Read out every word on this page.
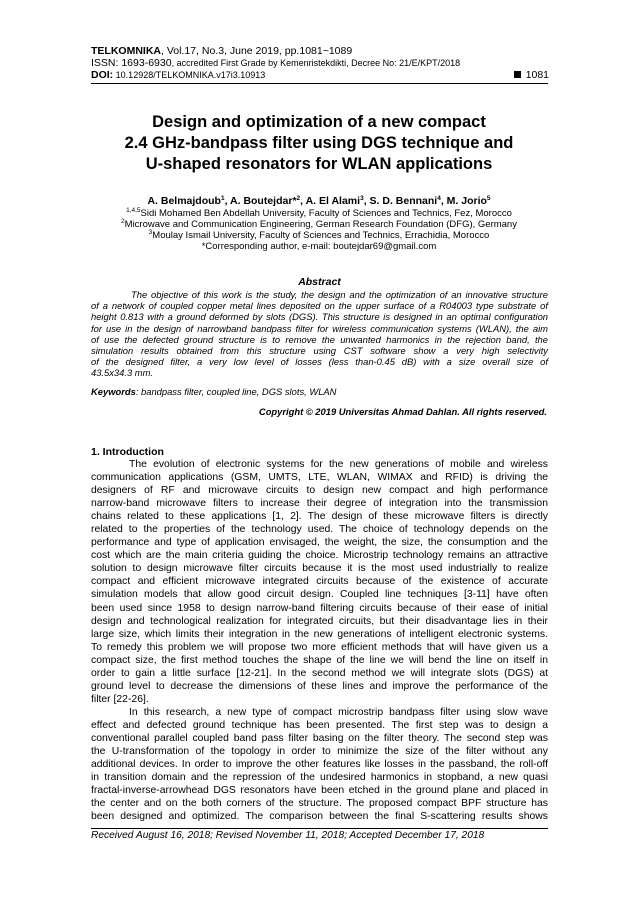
TELKOMNIKA, Vol.17, No.3, June 2019, pp.1081~1089
ISSN: 1693-6930, accredited First Grade by Kemenristekdikti, Decree No: 21/E/KPT/2018
DOI: 10.12928/TELKOMNIKA.v17i3.10913	1081
Design and optimization of a new compact
2.4 GHz-bandpass filter using DGS technique and
U-shaped resonators for WLAN applications
A. Belmajdoub$^1$, A. Boutejdar*$^2$, A. El Alami$^3$, S. D. Bennani$^4$, M. Jorio$^5$
$^{1,4,5}$Sidi Mohamed Ben Abdellah University, Faculty of Sciences and Technics, Fez, Morocco
$^2$Microwave and Communication Engineering, German Research Foundation (DFG), Germany
$^3$Moulay Ismail University, Faculty of Sciences and Technics, Errachidia, Morocco
*Corresponding author, e-mail: boutejdar69@gmail.com
Abstract
The objective of this work is the study, the design and the optimization of an innovative structure
of a network of coupled copper metal lines deposited on the upper surface of a R04003 type substrate of
height 0.813 with a ground deformed by slots (DGS). This structure is designed in an optimal configuration
for use in the design of narrowband bandpass filter for wireless communication systems (WLAN), the aim
of use the defected ground structure is to remove the unwanted harmonics in the rejection band, the
simulation results obtained from this structure using CST software show a very high selectivity
of the designed filter, a very low level of losses (less than-0.45 dB) with a size overall size of
43.5x34.3 mm.
Keywords: bandpass filter, coupled line, DGS slots, WLAN
Copyright © 2019 Universitas Ahmad Dahlan. All rights reserved.
1. Introduction
The evolution of electronic systems for the new generations of mobile and wireless
communication applications (GSM, UMTS, LTE, WLAN, WIMAX and RFID) is driving the
designers of RF and microwave circuits to design new compact and high performance
narrow-band microwave filters to increase their degree of integration into the transmission
chains related to these applications [1, 2]. The design of these microwave filters is directly
related to the properties of the technology used. The choice of technology depends on the
performance and type of application envisaged, the weight, the size, the consumption and the
cost which are the main criteria guiding the choice. Microstrip technology remains an attractive
solution to design microwave filter circuits because it is the most used industrially to realize
compact and efficient microwave integrated circuits because of the existence of accurate
simulation models that allow good circuit design. Coupled line techniques [3-11] have often
been used since 1958 to design narrow-band filtering circuits because of their ease of initial
design and technological realization for integrated circuits, but their disadvantage lies in their
large size, which limits their integration in the new generations of intelligent electronic systems.
To remedy this problem we will propose two more efficient methods that will have given us a
compact size, the first method touches the shape of the line we will bend the line on itself in
order to gain a little surface [12-21]. In the second method we will integrate slots (DGS) at
ground level to decrease the dimensions of these lines and improve the performance of the
filter [22-26].
In this research, a new type of compact microstrip bandpass filter using slow wave
effect and defected ground technique has been presented. The first step was to design a
conventional parallel coupled band pass filter basing on the filter theory. The second step was
the U-transformation of the topology in order to minimize the size of the filter without any
additional devices. In order to improve the other features like losses in the passband, the roll-off
in transition domain and the repression of the undesired harmonics in stopband, a new quasi
fractal-inverse-arrowhead DGS resonators have been etched in the ground plane and placed in
the center and on the both corners of the structure. The proposed compact BPF structure has
been designed and optimized. The comparison between the final S-scattering results shows
Received August 16, 2018; Revised November 11, 2018; Accepted December 17, 2018
